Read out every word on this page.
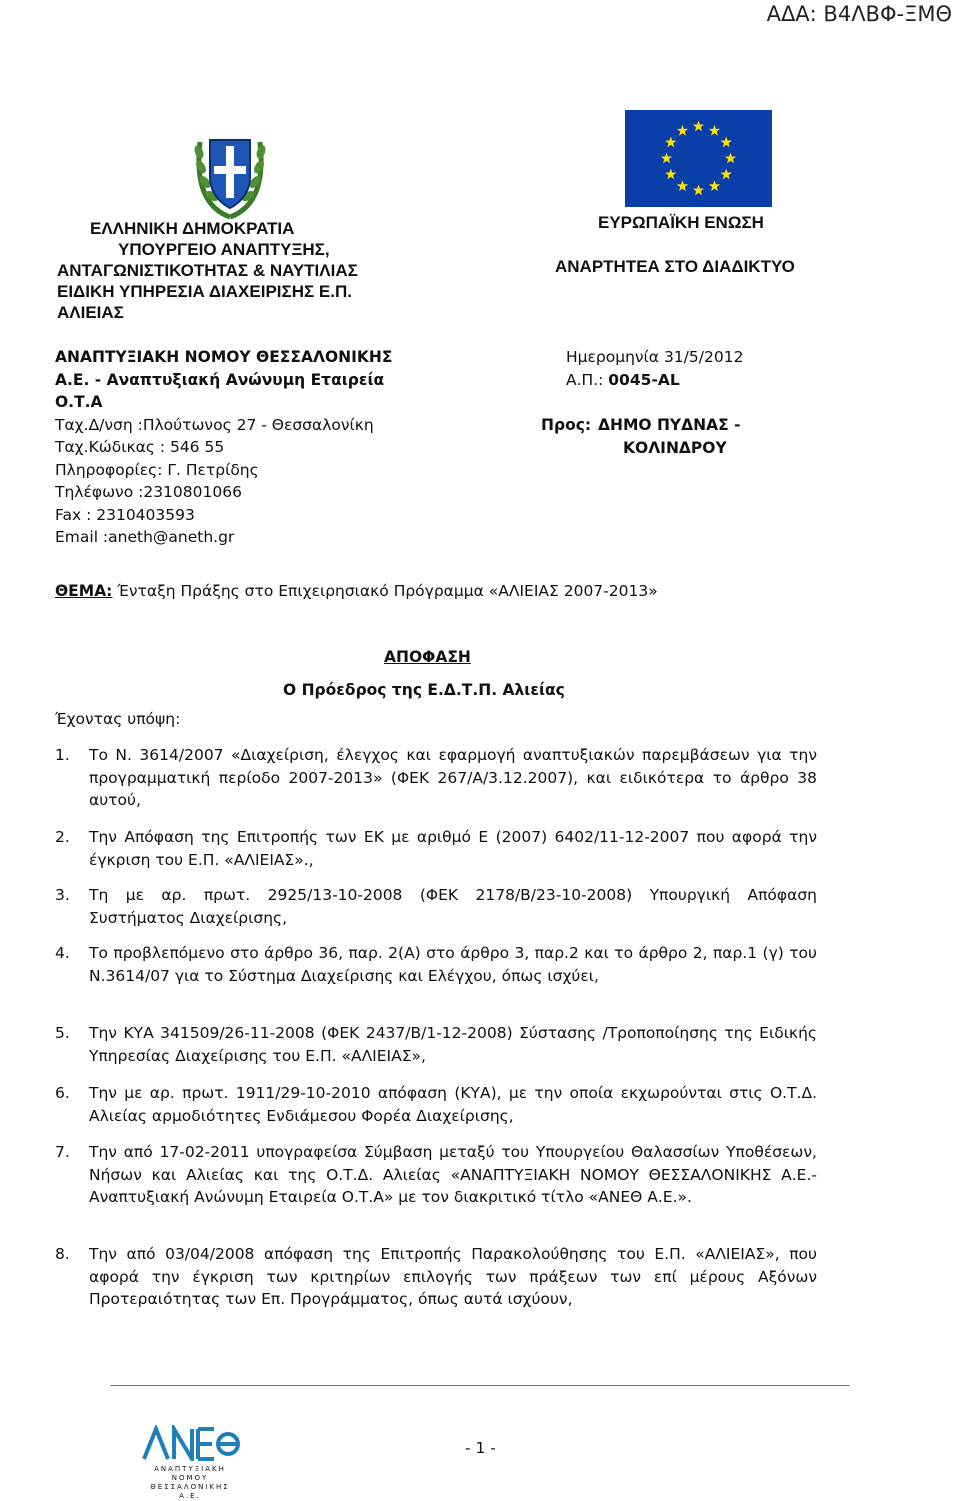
ΑΔΑ: Β4ΛΒΦ-ΞΜΘ
ΕΛΛΗΝΙΚΗ ΔΗΜΟΚΡΑΤΙΑ
ΥΠΟΥΡΓΕΙΟ ΑΝΑΠΤΥΞΗΣ,
ΑΝΤΑΓΩΝΙΣΤΙΚΟΤΗΤΑΣ & ΝΑΥΤΙΛΙΑΣ
ΕΙΔΙΚΗ ΥΠΗΡΕΣΙΑ ΔΙΑΧΕΙΡΙΣΗΣ Ε.Π.
ΑΛΙΕΙΑΣ
ΕΥΡΩΠΑΪΚΗ ΕΝΩΣΗ
ΑΝΑΡΤΗΤΕΑ ΣΤΟ ΔΙΑΔΙΚΤΥΟ
ΑΝΑΠΤΥΞΙΑΚΗ ΝΟΜΟΥ ΘΕΣΣΑΛΟΝΙΚΗΣ
Α.Ε. - Αναπτυξιακή Ανώνυμη Εταιρεία
Ο.Τ.Α
Ταχ.Δ/νση :Πλούτωνος 27 - Θεσσαλονίκη
Ταχ.Κώδικας : 546 55
Πληροφορίες: Γ. Πετρίδης
Τηλέφωνο :2310801066
Fax : 2310403593
Email :aneth@aneth.gr
Ημερομηνία 31/5/2012
Α.Π.: 0045-AL
Προς: ΔΗΜΟ ΠΥΔΝΑΣ -
ΚΟΛΙΝΔΡΟΥ
ΘΕΜΑ: Ένταξη Πράξης στο Επιχειρησιακό Πρόγραμμα «ΑΛΙΕΙΑΣ 2007-2013»
ΑΠΟΦΑΣΗ
Ο Πρόεδρος της Ε.Δ.Τ.Π. Αλιείας
Έχοντας υπόψη:
1. Το Ν. 3614/2007 «Διαχείριση, έλεγχος και εφαρμογή αναπτυξιακών παρεμβάσεων για την προγραμματική περίοδο 2007-2013» (ΦΕΚ 267/Α/3.12.2007), και ειδικότερα το άρθρο 38 αυτού,
2. Την Απόφαση της Επιτροπής των ΕΚ με αριθμό Ε (2007) 6402/11-12-2007 που αφορά την έγκριση του Ε.Π. «ΑΛΙΕΙΑΣ».,
3. Τη με αρ. πρωτ. 2925/13-10-2008 (ΦΕΚ 2178/Β/23-10-2008) Υπουργική Απόφαση Συστήματος Διαχείρισης,
4. Το προβλεπόμενο στο άρθρο 36, παρ. 2(Α) στο άρθρο 3, παρ.2 και το άρθρο 2, παρ.1 (γ) του Ν.3614/07 για το Σύστημα Διαχείρισης και Ελέγχου, όπως ισχύει,
5. Την ΚΥΑ 341509/26-11-2008 (ΦΕΚ 2437/Β/1-12-2008) Σύστασης /Τροποποίησης της Ειδικής Υπηρεσίας Διαχείρισης του Ε.Π. «ΑΛΙΕΙΑΣ»,
6. Την με αρ. πρωτ. 1911/29-10-2010 απόφαση (ΚΥΑ), με την οποία εκχωρούνται στις Ο.Τ.Δ. Αλιείας αρμοδιότητες Ενδιάμεσου Φορέα Διαχείρισης,
7. Την από 17-02-2011 υπογραφείσα Σύμβαση μεταξύ του Υπουργείου Θαλασσίων Υποθέσεων, Νήσων και Αλιείας και της Ο.Τ.Δ. Αλιείας «ΑΝΑΠΤΥΞΙΑΚΗ ΝΟΜΟΥ ΘΕΣΣΑΛΟΝΙΚΗΣ Α.Ε.-Αναπτυξιακή Ανώνυμη Εταιρεία Ο.Τ.Α» με τον διακριτικό τίτλο «ΑΝΕΘ Α.Ε.».
8. Την από 03/04/2008 απόφαση της Επιτροπής Παρακολούθησης του Ε.Π. «ΑΛΙΕΙΑΣ», που αφορά την έγκριση των κριτηρίων επιλογής των πράξεων των επί μέρους Αξόνων Προτεραιότητας των Επ. Προγράμματος, όπως αυτά ισχύουν,
- 1 -
ΑΝΑΠΤΥΞΙΑΚΗ ΝΟΜΟΥ
ΘΕΣΣΑΛΟΝΙΚΗΣ Α.Ε.
